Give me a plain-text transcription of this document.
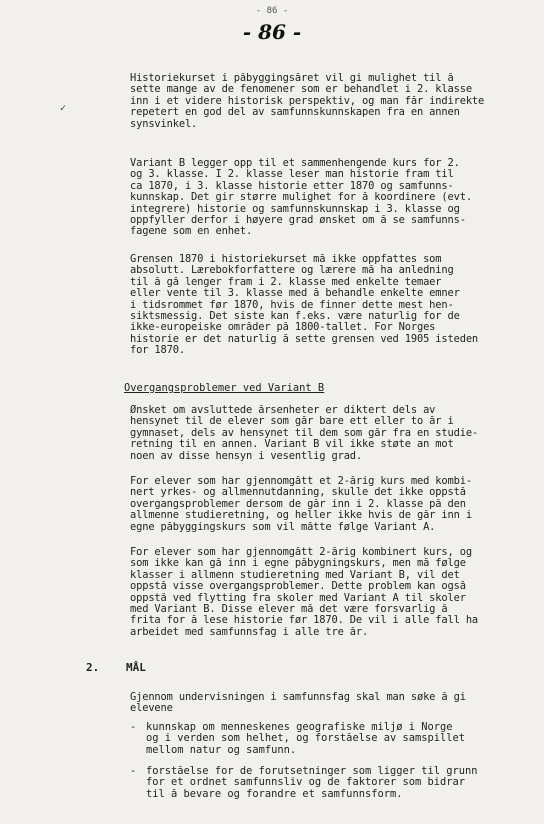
- 86 -
- 86 -
✓
Historiekurset i påbyggingsåret vil gi mulighet til å
sette mange av de fenomener som er behandlet i 2. klasse
inn i et videre historisk perspektiv, og man får indirekte
repetert en god del av samfunnskunnskapen fra en annen
synsvinkel.
Variant B legger opp til et sammenhengende kurs for 2.
og 3. klasse. I 2. klasse leser man historie fram til
ca 1870, i 3. klasse historie etter 1870 og samfunns-
kunnskap. Det gir større mulighet for å koordinere (evt.
integrere) historie og samfunnskunnskap i 3. klasse og
oppfyller derfor i høyere grad ønsket om å se samfunns-
fagene som en enhet.
Grensen 1870 i historiekurset må ikke oppfattes som
absolutt. Lærebokforfattere og lærere må ha anledning
til å gå lenger fram i 2. klasse med enkelte temaer
eller vente til 3. klasse med å behandle enkelte emner
i tidsrommet før 1870, hvis de finner dette mest hen-
siktsmessig. Det siste kan f.eks. være naturlig for de
ikke-europeiske områder på 1800-tallet. For Norges
historie er det naturlig å sette grensen ved 1905 isteden
for 1870.
Overgangsproblemer ved Variant B
Ønsket om avsluttede årsenheter er diktert dels av
hensynet til de elever som går bare ett eller to år i
gymnaset, dels av hensynet til dem som går fra en studie-
retning til en annen. Variant B vil ikke støte an mot
noen av disse hensyn i vesentlig grad.
For elever som har gjennomgått et 2-årig kurs med kombi-
nert yrkes- og allmennutdanning, skulle det ikke oppstå
overgangsproblemer dersom de går inn i 2. klasse på den
allmenne studieretning, og heller ikke hvis de går inn i
egne påbyggingskurs som vil måtte følge Variant A.
For elever som har gjennomgått 2-årig kombinert kurs, og
som ikke kan gå inn i egne påbygningskurs, men må følge
klasser i allmenn studieretning med Variant B, vil det
oppstå visse overgangsproblemer. Dette problem kan også
oppstå ved flytting fra skoler med Variant A til skoler
med Variant B. Disse elever må det være forsvarlig å
frita for å lese historie før 1870. De vil i alle fall ha
arbeidet med samfunnsfag i alle tre år.
2. MÅL
Gjennom undervisningen i samfunnsfag skal man søke å gi
elevene
- kunnskap om menneskenes geografiske miljø i Norge
og i verden som helhet, og forståelse av samspillet
mellom natur og samfunn.
- forståelse for de forutsetninger som ligger til grunn
for et ordnet samfunnsliv og de faktorer som bidrar
til å bevare og forandre et samfunnsform.
